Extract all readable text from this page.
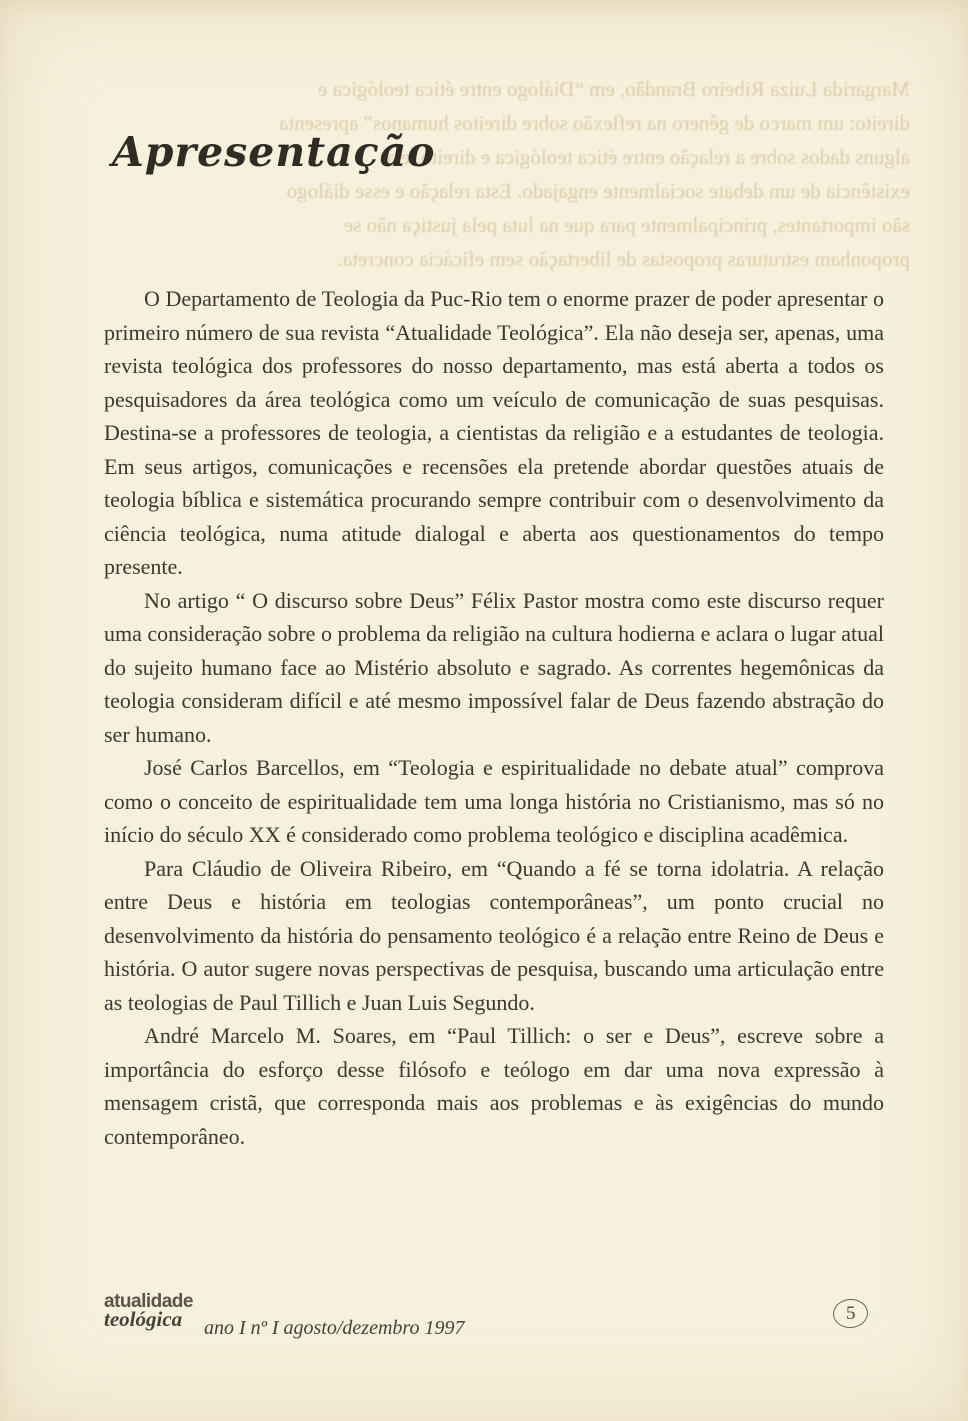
Margarida Luiza Ribeiro Brandão, em “Diálogo entre ética teológica e
direito: um marco de gênero na reflexão sobre direitos humanos” apresenta
alguns dados sobre a relação entre ética teológica e direito, e a
existência de um debate socialmente engajado. Esta relação e esse diálogo
são importantes, principalmente para que na luta pela justiça não se
proponham estruturas propostas de libertação sem eficácia concreta.
Apresentação

O Departamento de Teologia da Puc-Rio tem o enorme prazer de poder apresentar o primeiro número de sua revista “Atualidade Teológica”. Ela não deseja ser, apenas, uma revista teológica dos professores do nosso departamento, mas está aberta a todos os pesquisadores da área teológica como um veículo de comunicação de suas pesquisas. Destina-se a professores de teologia, a cientistas da religião e a estudantes de teologia. Em seus artigos, comunicações e recensões ela pretende abordar questões atuais de teologia bíblica e sistemática procurando sempre contribuir com o desenvolvimento da ciência teológica, numa atitude dialogal e aberta aos questionamentos do tempo presente.

No artigo “ O discurso sobre Deus” Félix Pastor mostra como este discurso requer uma consideração sobre o problema da religião na cultura hodierna e aclara o lugar atual do sujeito humano face ao Mistério absoluto e sagrado. As correntes hegemônicas da teologia consideram difícil e até mesmo impossível falar de Deus fazendo abstração do ser humano.

José Carlos Barcellos, em “Teologia e espiritualidade no debate atual” comprova como o conceito de espiritualidade tem uma longa história no Cristianismo, mas só no início do século XX é considerado como problema teológico e disciplina acadêmica.

Para Cláudio de Oliveira Ribeiro, em “Quando a fé se torna idolatria. A relação entre Deus e história em teologias contemporâneas”, um ponto crucial no desenvolvimento da história do pensamento teológico é a relação entre Reino de Deus e história. O autor sugere novas perspectivas de pesquisa, buscando uma articulação entre as teologias de Paul Tillich e Juan Luis Segundo.

André Marcelo M. Soares, em “Paul Tillich: o ser e Deus”, escreve sobre a importância do esforço desse filósofo e teólogo em dar uma nova expressão à mensagem cristã, que corresponda mais aos problemas e às exigências do mundo contemporâneo.

atualidade
teológica	ano I nº I agosto/dezembro 1997
5
